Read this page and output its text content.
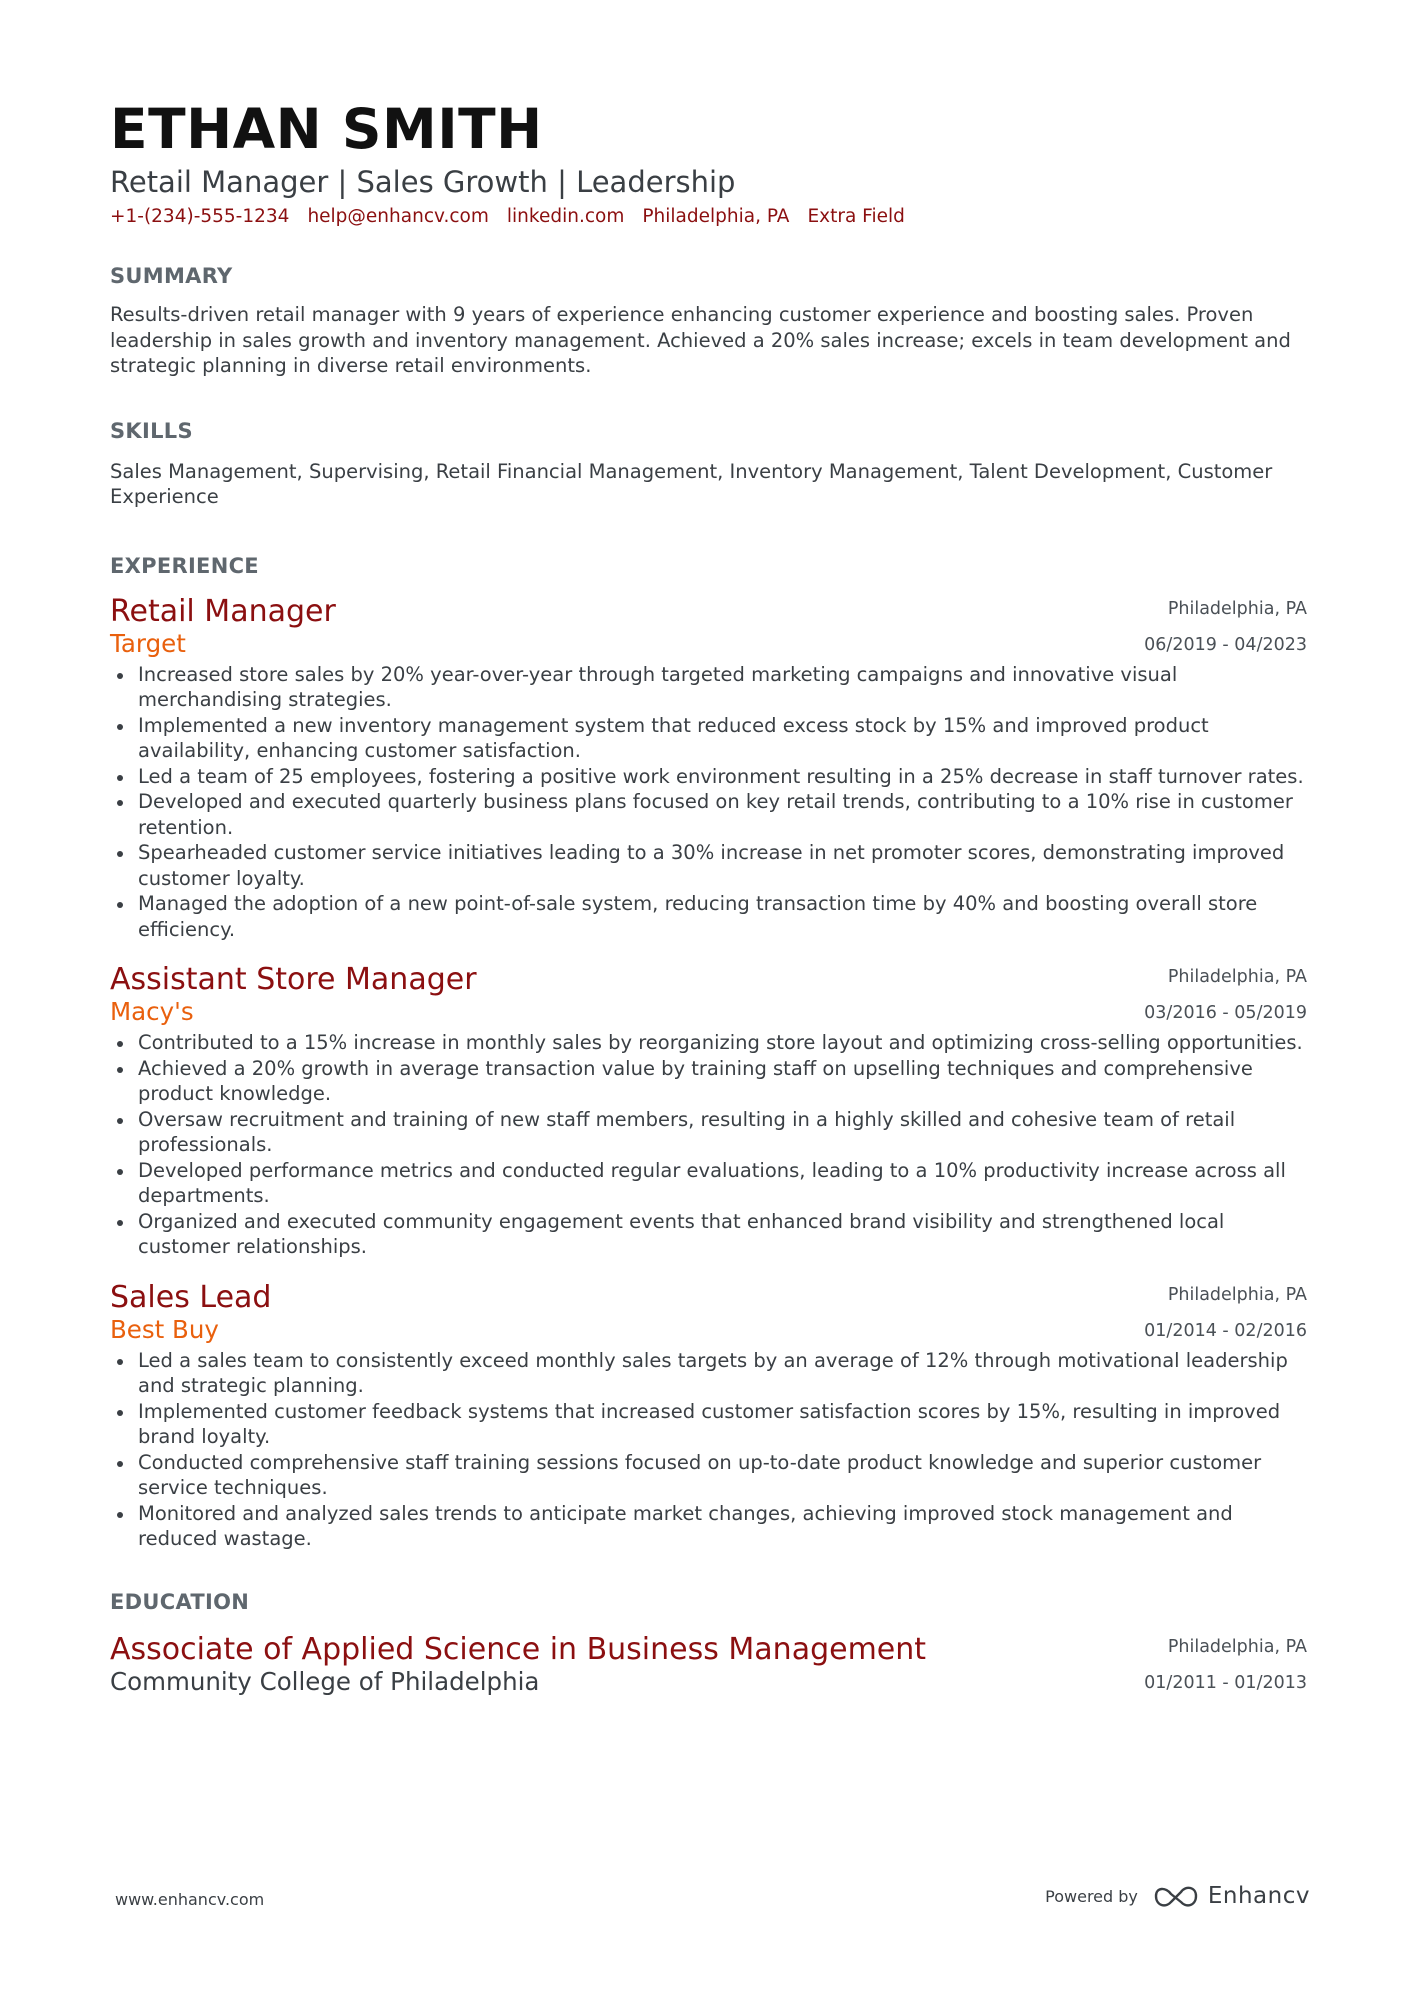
ETHAN SMITH
Retail Manager | Sales Growth | Leadership
+1-(234)-555-1234 help@enhancv.com linkedin.com Philadelphia, PA Extra Field
SUMMARY

Results-driven retail manager with 9 years of experience enhancing customer experience and boosting sales. Proven leadership in sales growth and inventory management. Achieved a 20% sales increase; excels in team development and strategic planning in diverse retail environments.

SKILLS

Sales Management, Supervising, Retail Financial Management, Inventory Management, Talent Development, Customer Experience

EXPERIENCE
Retail Manager
Target
Philadelphia, PA
06/2019 - 04/2023
Increased store sales by 20% year-over-year through targeted marketing campaigns and innovative visual merchandising strategies.
Implemented a new inventory management system that reduced excess stock by 15% and improved product availability, enhancing customer satisfaction.
Led a team of 25 employees, fostering a positive work environment resulting in a 25% decrease in staff turnover rates.
Developed and executed quarterly business plans focused on key retail trends, contributing to a 10% rise in customer retention.
Spearheaded customer service initiatives leading to a 30% increase in net promoter scores, demonstrating improved customer loyalty.
Managed the adoption of a new point-of-sale system, reducing transaction time by 40% and boosting overall store efficiency.
Assistant Store Manager
Macy's
Philadelphia, PA
03/2016 - 05/2019
Contributed to a 15% increase in monthly sales by reorganizing store layout and optimizing cross-selling opportunities.
Achieved a 20% growth in average transaction value by training staff on upselling techniques and comprehensive product knowledge.
Oversaw recruitment and training of new staff members, resulting in a highly skilled and cohesive team of retail professionals.
Developed performance metrics and conducted regular evaluations, leading to a 10% productivity increase across all departments.
Organized and executed community engagement events that enhanced brand visibility and strengthened local customer relationships.
Sales Lead
Best Buy
Philadelphia, PA
01/2014 - 02/2016
Led a sales team to consistently exceed monthly sales targets by an average of 12% through motivational leadership and strategic planning.
Implemented customer feedback systems that increased customer satisfaction scores by 15%, resulting in improved brand loyalty.
Conducted comprehensive staff training sessions focused on up-to-date product knowledge and superior customer service techniques.
Monitored and analyzed sales trends to anticipate market changes, achieving improved stock management and reduced wastage.
EDUCATION
Associate of Applied Science in Business Management
Community College of Philadelphia
Philadelphia, PA
01/2011 - 01/2013
www.enhancv.com	Powered by	Enhancv
